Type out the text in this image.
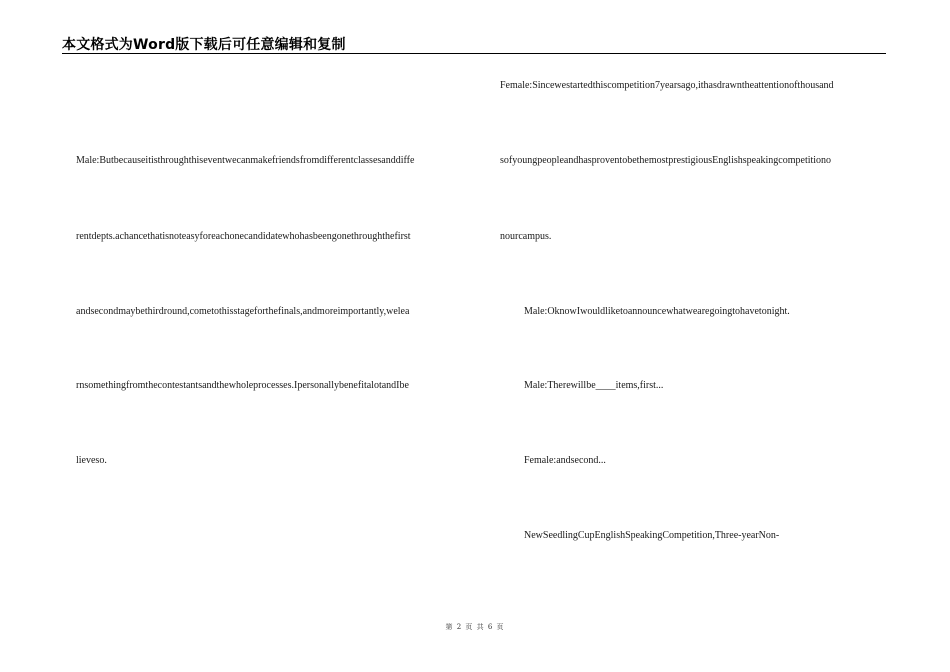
本文格式为Word版下载后可任意编辑和复制
Male:Butbecauseitisthroughthiseventwecanmakefriendsfromdifferentclassesanddiffe
rentdepts.achancethatisnoteasyforeachonecandidatewhohasbeengonethroughthefirst
andsecondmaybethirdround,cometothisstageforthefinals,andmoreimportantly,welea
rnsomethingfromthecontestantsandthewholeprocesses.IpersonallybenefitalotandIbe
lieveso.
Female:Sincewestartedthiscompetition7yearsago,ithasdrawntheattentionofthousand
sofyoungpeopleandhasproventobethemostprestigiousEnglishspeakingcompetitiono
nourcampus.
Male:OknowIwouldliketoannouncewhatwearegoingtohavetonight.
Male:Therewillbe____items,first...
Female:andsecond...
NewSeedlingCupEnglishSpeakingCompetition,Three-yearNon-
第 2 页 共 6 页
